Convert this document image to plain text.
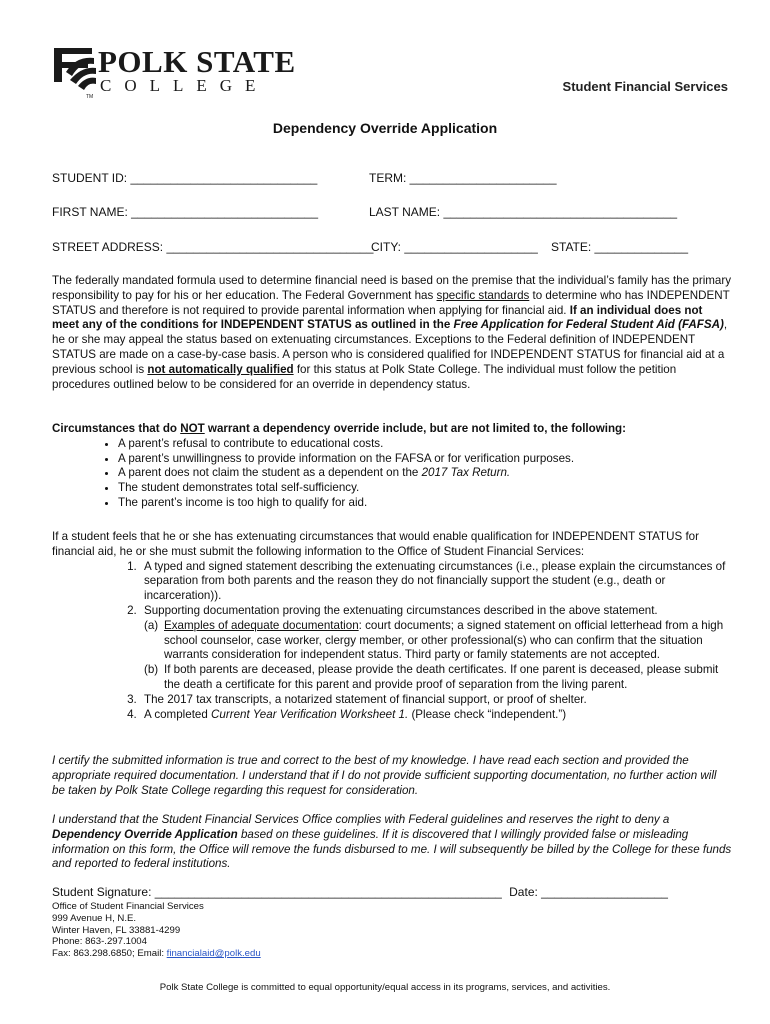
TM
POLK STATE
COLLEGE	Student Financial Services
Dependency Override Application
STUDENT ID: ____________________________	TERM: ______________________
FIRST NAME: ____________________________	LAST NAME: ___________________________________
STREET ADDRESS: _______________________________
CITY: ____________________ STATE: ______________

The federally mandated formula used to determine financial need is based on the premise that the individual’s family has the primary responsibility to pay for his or her education. The Federal Government has specific standards to determine who has INDEPENDENT STATUS and therefore is not required to provide parental information when applying for financial aid. If an individual does not meet any of the conditions for INDEPENDENT STATUS as outlined in the Free Application for Federal Student Aid (FAFSA), he or she may appeal the status based on extenuating circumstances. Exceptions to the Federal definition of INDEPENDENT STATUS are made on a case-by-case basis. A person who is considered qualified for INDEPENDENT STATUS for financial aid at a previous school is not automatically qualified for this status at Polk State College. The individual must follow the petition procedures outlined below to be considered for an override in dependency status.

Circumstances that do NOT warrant a dependency override include, but are not limited to, the following:

• A parent’s refusal to contribute to educational costs.
• A parent’s unwillingness to provide information on the FAFSA or for verification purposes.
• A parent does not claim the student as a dependent on the 2017 Tax Return.
• The student demonstrates total self-sufficiency.
• The parent’s income is too high to qualify for aid.

If a student feels that he or she has extenuating circumstances that would enable qualification for INDEPENDENT STATUS for financial aid, he or she must submit the following information to the Office of Student Financial Services:

1. A typed and signed statement describing the extenuating circumstances (i.e., please explain the circumstances of separation from both parents and the reason they do not financially support the student (e.g., death or incarceration)).
2. Supporting documentation proving the extenuating circumstances described in the above statement.
(a) Examples of adequate documentation: court documents; a signed statement on official letterhead from a high school counselor, case worker, clergy member, or other professional(s) who can confirm that the situation warrants consideration for independent status. Third party or family statements are not accepted.
(b) If both parents are deceased, please provide the death certificates. If one parent is deceased, please submit the death a certificate for this parent and provide proof of separation from the living parent.
3. The 2017 tax transcripts, a notarized statement of financial support, or proof of shelter.
4. A completed Current Year Verification Worksheet 1. (Please check “independent.”)
I certify the submitted information is true and correct to the best of my knowledge. I have read each section and provided the appropriate required documentation. I understand that if I do not provide sufficient supporting documentation, no further action will be taken by Polk State College regarding this request for consideration.
I understand that the Student Financial Services Office complies with Federal guidelines and reserves the right to deny a Dependency Override Application based on these guidelines. If it is discovered that I willingly provided false or misleading information on this form, the Office will remove the funds disbursed to me. I will subsequently be billed by the College for these funds and reported to federal institutions.
Student Signature: ____________________________________________________ Date: ___________________
Office of Student Financial Services
999 Avenue H, N.E.
Winter Haven, FL 33881-4299
Phone: 863-.297.1004
Fax: 863.298.6850; Email: financialaid@polk.edu
Polk State College is committed to equal opportunity/equal access in its programs, services, and activities.
